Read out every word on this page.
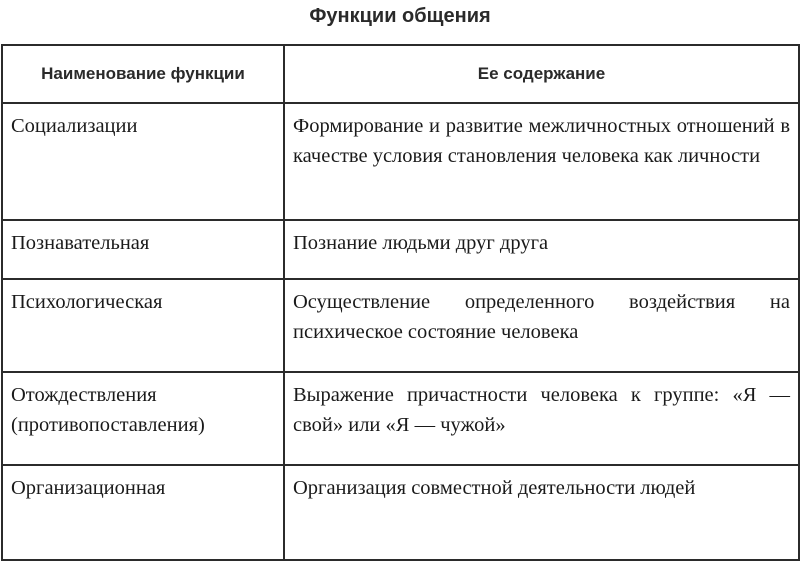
Функции общения
Наименование функции	Ее содержание
Социализации	Формирование и развитие межличностных отношений в качестве условия становления человека как личности
Познавательная	Познание людьми друг друга
Психологическая	Осуществление определенного воздействия на психическое состояние человека
Отождествления (противопоставления)	Выражение причастности человека к группе: «Я — свой» или «Я — чужой»
Организационная	Организация совместной деятельности людей
